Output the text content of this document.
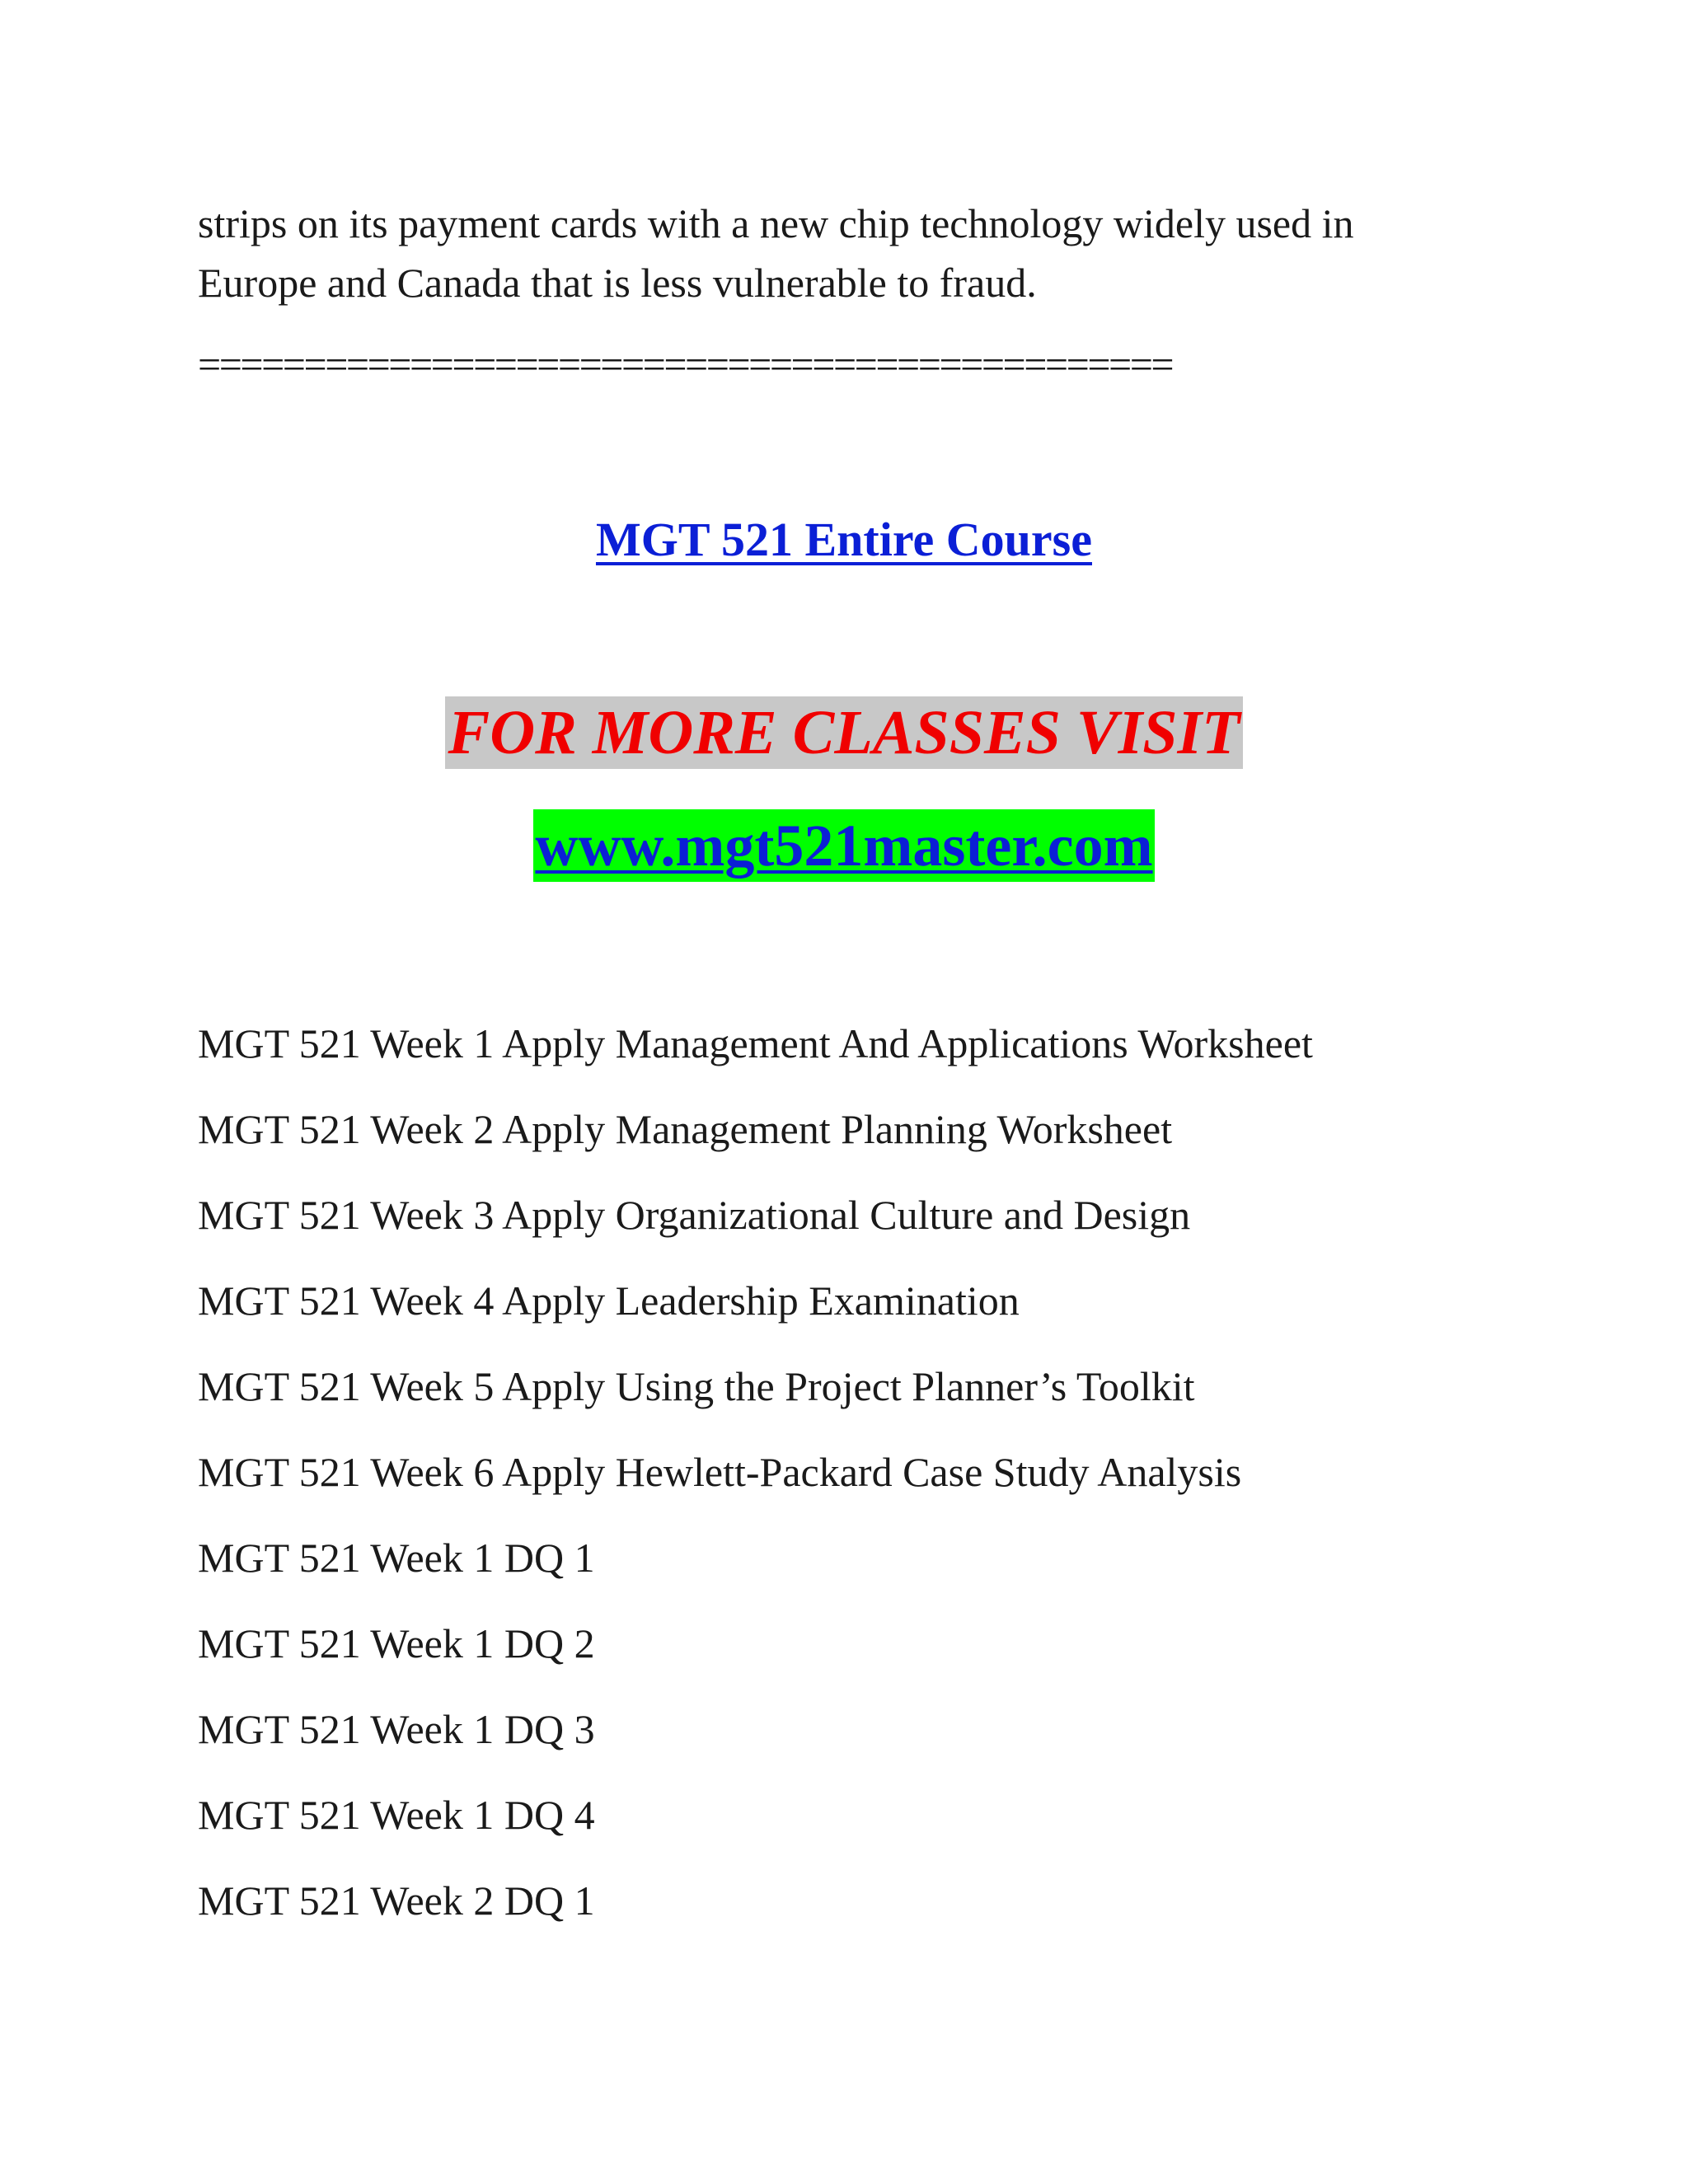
strips on its payment cards with a new chip technology widely used in
Europe and Canada that is less vulnerable to fraud.
==============================================
MGT 521 Entire Course
FOR MORE CLASSES VISIT
www.mgt521master.com
MGT 521 Week 1 Apply Management And Applications Worksheet
MGT 521 Week 2 Apply Management Planning Worksheet
MGT 521 Week 3 Apply Organizational Culture and Design
MGT 521 Week 4 Apply Leadership Examination
MGT 521 Week 5 Apply Using the Project Planner’s Toolkit
MGT 521 Week 6 Apply Hewlett-Packard Case Study Analysis
MGT 521 Week 1 DQ 1
MGT 521 Week 1 DQ 2
MGT 521 Week 1 DQ 3
MGT 521 Week 1 DQ 4
MGT 521 Week 2 DQ 1
